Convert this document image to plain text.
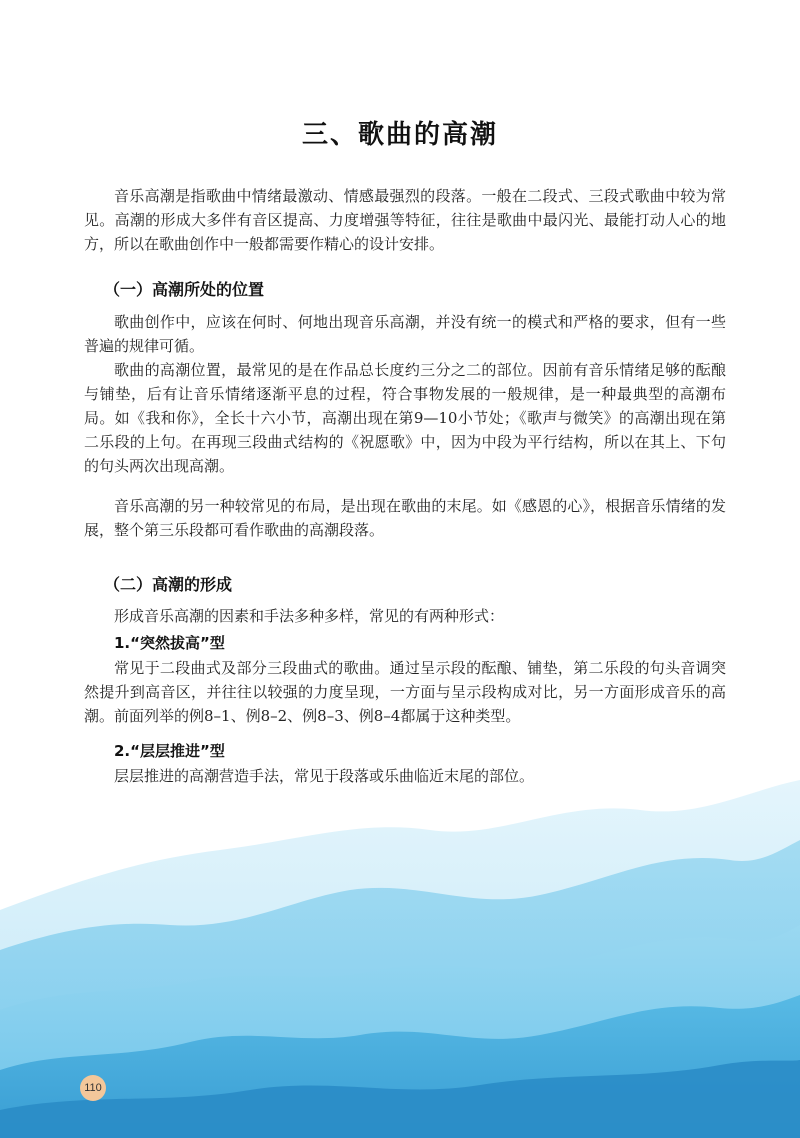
三、歌曲的高潮

音乐高潮是指歌曲中情绪最激动、情感最强烈的段落。一般在二段式、三段式歌曲中较为常见。高潮的形成大多伴有音区提高、力度增强等特征，往往是歌曲中最闪光、最能打动人心的地方，所以在歌曲创作中一般都需要作精心的设计安排。

（一）高潮所处的位置

歌曲创作中，应该在何时、何地出现音乐高潮，并没有统一的模式和严格的要求，但有一些普遍的规律可循。

歌曲的高潮位置，最常见的是在作品总长度约三分之二的部位。因前有音乐情绪足够的酝酿与铺垫，后有让音乐情绪逐渐平息的过程，符合事物发展的一般规律，是一种最典型的高潮布局。如《我和你》，全长十六小节，高潮出现在第9—10小节处；《歌声与微笑》的高潮出现在第二乐段的上句。在再现三段曲式结构的《祝愿歌》中，因为中段为平行结构，所以在其上、下句的句头两次出现高潮。

音乐高潮的另一种较常见的布局，是出现在歌曲的末尾。如《感恩的心》，根据音乐情绪的发展，整个第三乐段都可看作歌曲的高潮段落。

（二）高潮的形成

形成音乐高潮的因素和手法多种多样，常见的有两种形式：

1.“突然拔高”型

常见于二段曲式及部分三段曲式的歌曲。通过呈示段的酝酿、铺垫，第二乐段的句头音调突然提升到高音区，并往往以较强的力度呈现，一方面与呈示段构成对比，另一方面形成音乐的高潮。前面列举的例8–1、例8–2、例8–3、例8–4都属于这种类型。

2.“层层推进”型

层层推进的高潮营造手法，常见于段落或乐曲临近末尾的部位。

110
